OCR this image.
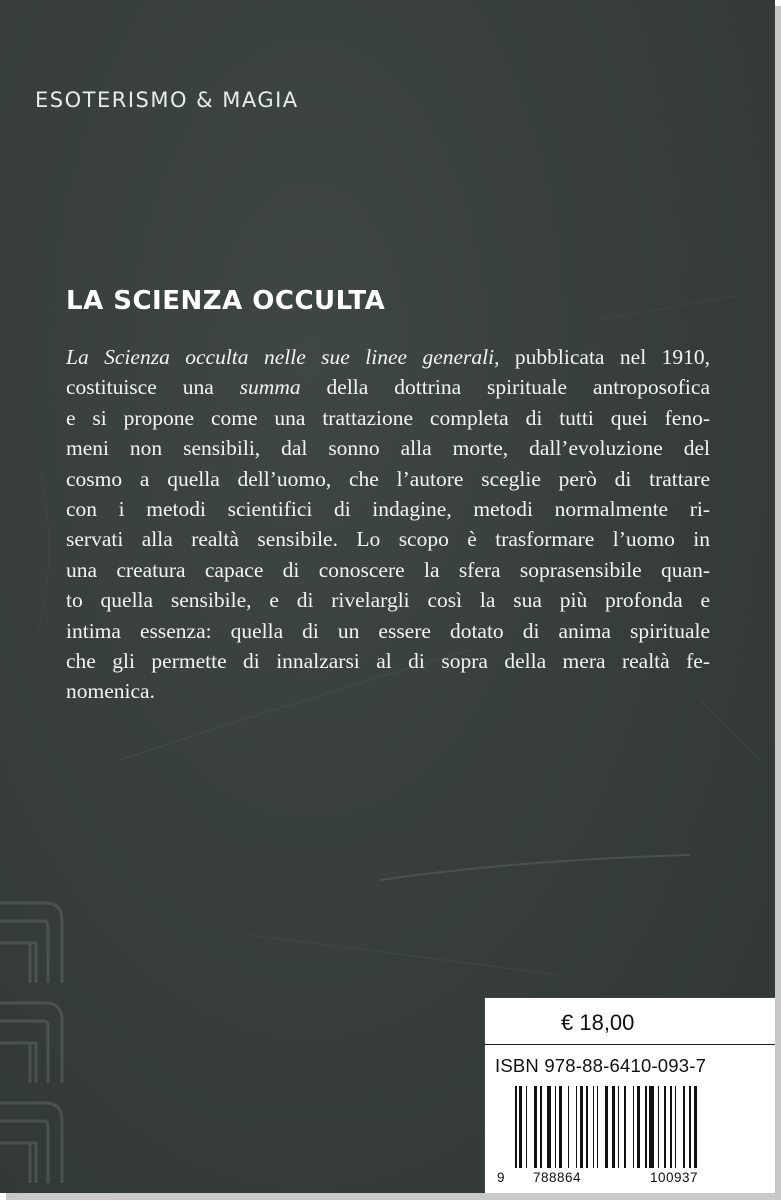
ESOTERISMO & MAGIA
LA SCIENZA OCCULTA
La Scienza occulta nelle sue linee generali, pubblicata nel 1910,
costituisce una summa della dottrina spirituale antroposofica
e si propone come una trattazione completa di tutti quei feno-
meni non sensibili, dal sonno alla morte, dall’evoluzione del
cosmo a quella dell’uomo, che l’autore sceglie però di trattare
con i metodi scientifici di indagine, metodi normalmente ri-
servati alla realtà sensibile. Lo scopo è trasformare l’uomo in
una creatura capace di conoscere la sfera soprasensibile quan-
to quella sensibile, e di rivelargli così la sua più profonda e
intima essenza: quella di un essere dotato di anima spirituale
che gli permette di innalzarsi al di sopra della mera realtà fe-
nomenica.
€ 18,00
ISBN 978-88-6410-093-7
9 788864	100937
